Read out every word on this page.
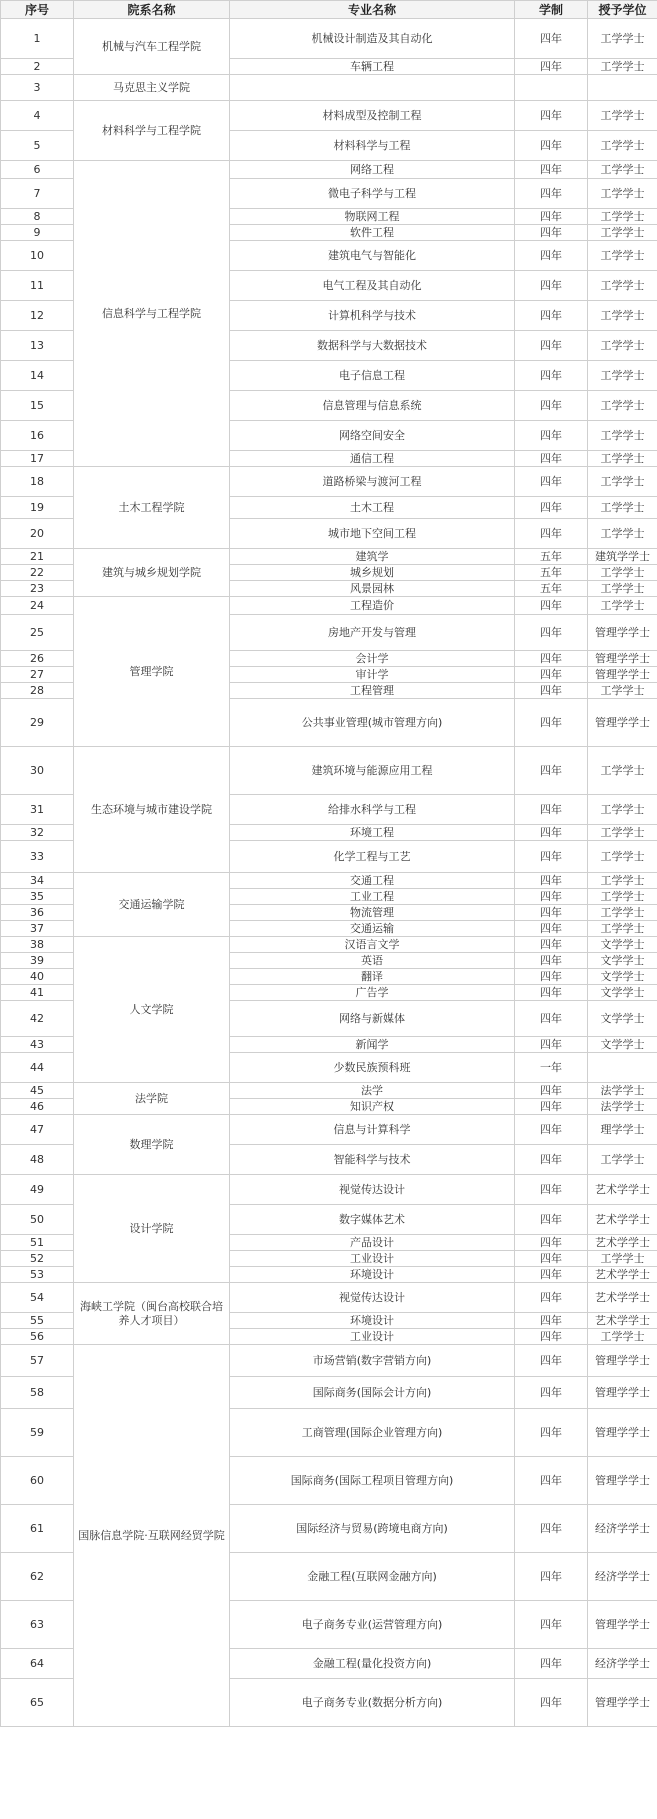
序号	院系名称	专业名称	学制	授予学位
1	机械与汽车工程学院	机械设计制造及其自动化	四年	工学学士
2		车辆工程	四年	工学学士
3	马克思主义学院			
4	材料科学与工程学院	材料成型及控制工程	四年	工学学士
5		材料科学与工程	四年	工学学士
6	信息科学与工程学院	网络工程	四年	工学学士
7		微电子科学与工程	四年	工学学士
8		物联网工程	四年	工学学士
9		软件工程	四年	工学学士
10		建筑电气与智能化	四年	工学学士
11		电气工程及其自动化	四年	工学学士
12		计算机科学与技术	四年	工学学士
13		数据科学与大数据技术	四年	工学学士
14		电子信息工程	四年	工学学士
15		信息管理与信息系统	四年	工学学士
16		网络空间安全	四年	工学学士
17		通信工程	四年	工学学士
18	土木工程学院	道路桥梁与渡河工程	四年	工学学士
19		土木工程	四年	工学学士
20		城市地下空间工程	四年	工学学士
21	建筑与城乡规划学院	建筑学	五年	建筑学学士
22		城乡规划	五年	工学学士
23		风景园林	五年	工学学士
24	管理学院	工程造价	四年	工学学士
25		房地产开发与管理	四年	管理学学士
26		会计学	四年	管理学学士
27		审计学	四年	管理学学士
28		工程管理	四年	工学学士
29		公共事业管理(城市管理方向)	四年	管理学学士
30	生态环境与城市建设学院	建筑环境与能源应用工程	四年	工学学士
31		给排水科学与工程	四年	工学学士
32		环境工程	四年	工学学士
33		化学工程与工艺	四年	工学学士
34	交通运输学院	交通工程	四年	工学学士
35		工业工程	四年	工学学士
36		物流管理	四年	工学学士
37		交通运输	四年	工学学士
38	人文学院	汉语言文学	四年	文学学士
39		英语	四年	文学学士
40		翻译	四年	文学学士
41		广告学	四年	文学学士
42		网络与新媒体	四年	文学学士
43		新闻学	四年	文学学士
44		少数民族预科班	一年	
45	法学院	法学	四年	法学学士
46		知识产权	四年	法学学士
47	数理学院	信息与计算科学	四年	理学学士
48		智能科学与技术	四年	工学学士
49	设计学院	视觉传达设计	四年	艺术学学士
50		数字媒体艺术	四年	艺术学学士
51		产品设计	四年	艺术学学士
52		工业设计	四年	工学学士
53		环境设计	四年	艺术学学士
54	海峡工学院（闽台高校联合培养人才项目）	视觉传达设计	四年	艺术学学士
55		环境设计	四年	艺术学学士
56		工业设计	四年	工学学士
57	国脉信息学院·互联网经贸学院	市场营销(数字营销方向)	四年	管理学学士
58		国际商务(国际会计方向)	四年	管理学学士
59		工商管理(国际企业管理方向)	四年	管理学学士
60		国际商务(国际工程项目管理方向)	四年	管理学学士
61		国际经济与贸易(跨境电商方向)	四年	经济学学士
62		金融工程(互联网金融方向)	四年	经济学学士
63		电子商务专业(运营管理方向)	四年	管理学学士
64		金融工程(量化投资方向)	四年	经济学学士
65		电子商务专业(数据分析方向)	四年	管理学学士
